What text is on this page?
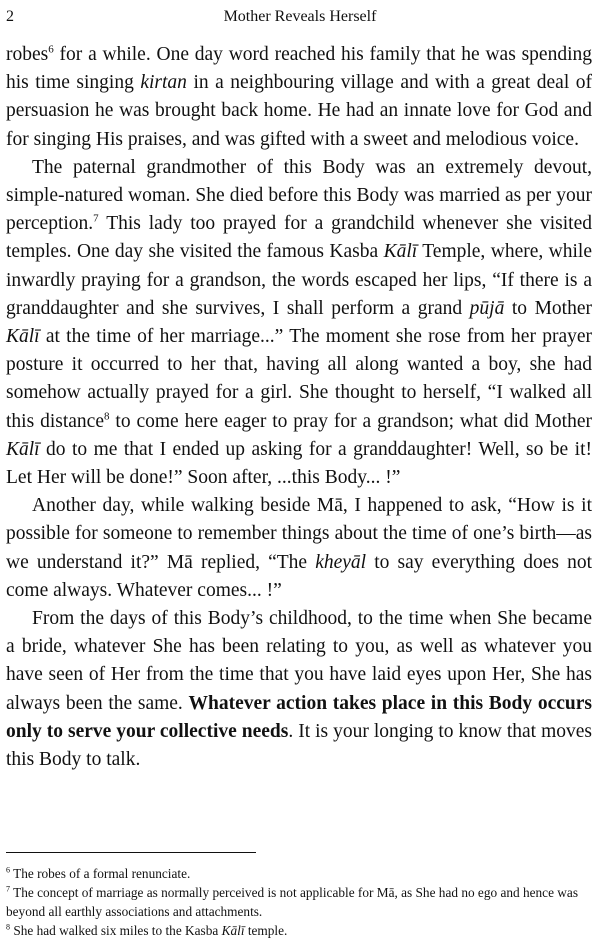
2	Mother Reveals Herself

robes$^6$ for a while. One day word reached his family that he was spending his time singing kirtan in a neighbouring village and with a great deal of persuasion he was brought back home. He had an innate love for God and for singing His praises, and was gifted with a sweet and melodious voice.

The paternal grandmother of this Body was an extremely devout, simple-natured woman. She died before this Body was married as per your perception.$^7$ This lady too prayed for a grandchild whenever she visited temples. One day she visited the famous Kasba Kālī Temple, where, while inwardly praying for a grandson, the words escaped her lips, “If there is a granddaughter and she survives, I shall perform a grand pūjā to Mother Kālī at the time of her marriage...” The moment she rose from her prayer posture it occurred to her that, having all along wanted a boy, she had somehow actually prayed for a girl. She thought to herself, “I walked all this distance$^8$ to come here eager to pray for a grandson; what did Mother Kālī do to me that I ended up asking for a granddaughter! Well, so be it! Let Her will be done!” Soon after, ...this Body... !”

Another day, while walking beside Mā, I happened to ask, “How is it possible for someone to remember things about the time of one’s birth—as we understand it?” Mā replied, “The kheyāl to say everything does not come always. Whatever comes... !”

From the days of this Body’s childhood, to the time when She became a bride, whatever She has been relating to you, as well as whatever you have seen of Her from the time that you have laid eyes upon Her, She has always been the same. Whatever action takes place in this Body occurs only to serve your collective needs. It is your longing to know that moves this Body to talk.

$^6$ The robes of a formal renunciate.

$^7$ The concept of marriage as normally perceived is not applicable for Mā, as She had no ego and hence was beyond all earthly associations and attachments.

$^8$ She had walked six miles to the Kasba Kālī temple.
